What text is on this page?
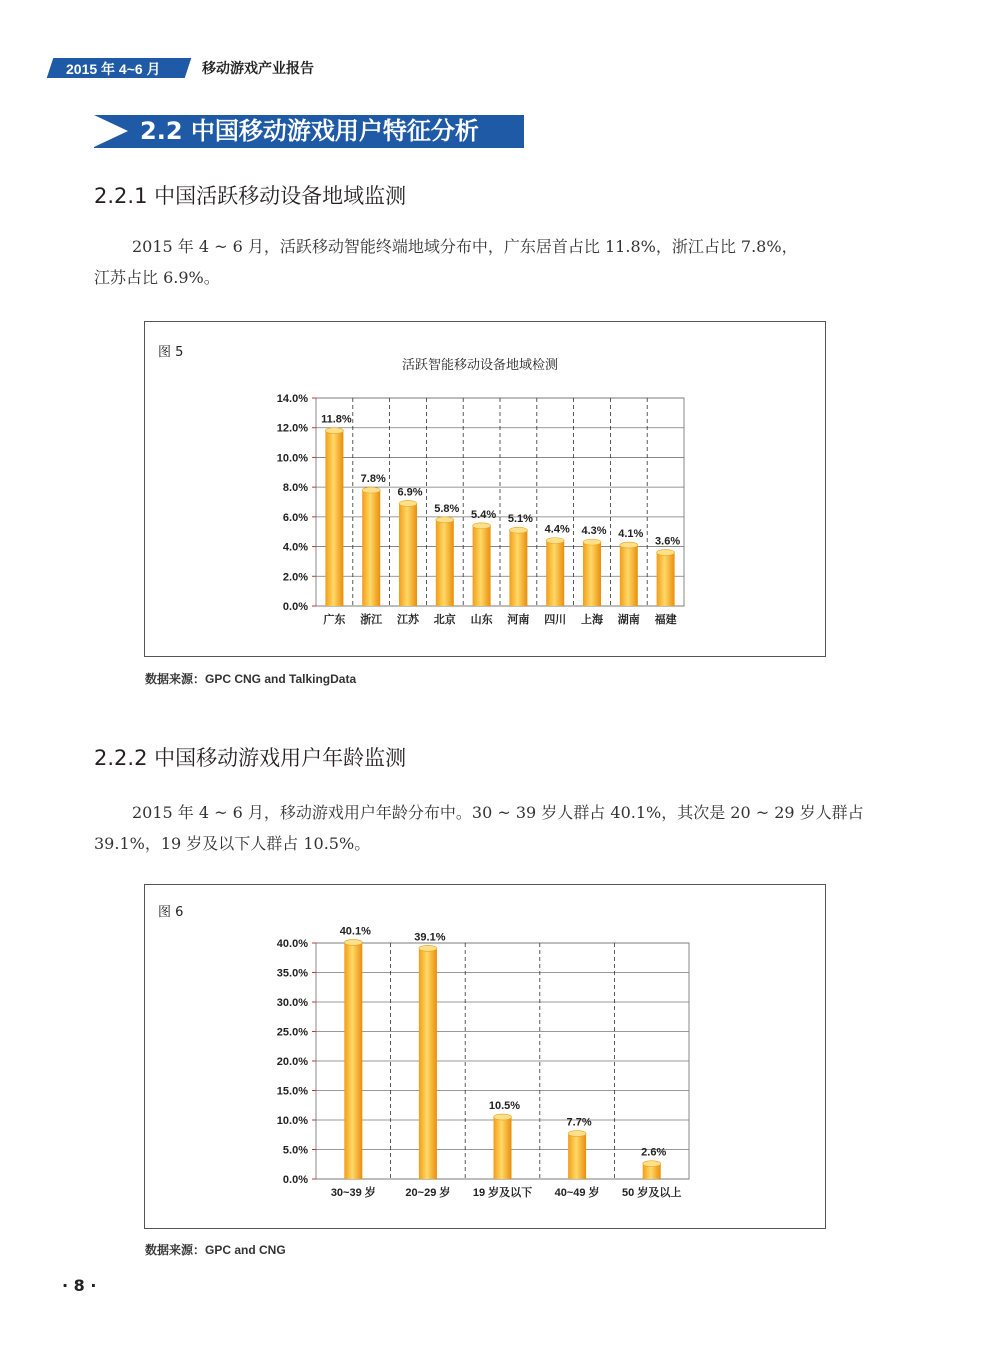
2015 年 4~6 月	移动游戏产业报告
2.2 中国移动游戏用户特征分析
2.2.1 中国活跃移动设备地域监测
2015 年 4 ~ 6 月，活跃移动智能终端地域分布中，广东居首占比 11.8%，浙江占比 7.8%，
江苏占比 6.9%。
图 5
活跃智能移动设备地域检测
数据来源：GPC CNG and TalkingData
2.2.2 中国移动游戏用户年龄监测
2015 年 4 ~ 6 月，移动游戏用户年龄分布中。30 ~ 39 岁人群占 40.1%，其次是 20 ~ 29 岁人群占
39.1%，19 岁及以下人群占 10.5%。
图 6
数据来源：GPC and CNG
0.0%
2.0%
4.0%
6.0%
8.0%
10.0%
12.0%
14.0%
11.8%
广东
7.8%
浙江
6.9%
江苏
5.8%
北京
5.4%
山东
5.1%
河南
4.4%
四川
4.3%
上海
4.1%
湖南
3.6%
福建
0.0%
5.0%
10.0%
15.0%
20.0%
25.0%
30.0%
35.0%
40.0%
40.1%
30~39 岁
39.1%
20~29 岁
10.5%
19 岁及以下
7.7%
40~49 岁
2.6%
50 岁及以上
· 8 ·
